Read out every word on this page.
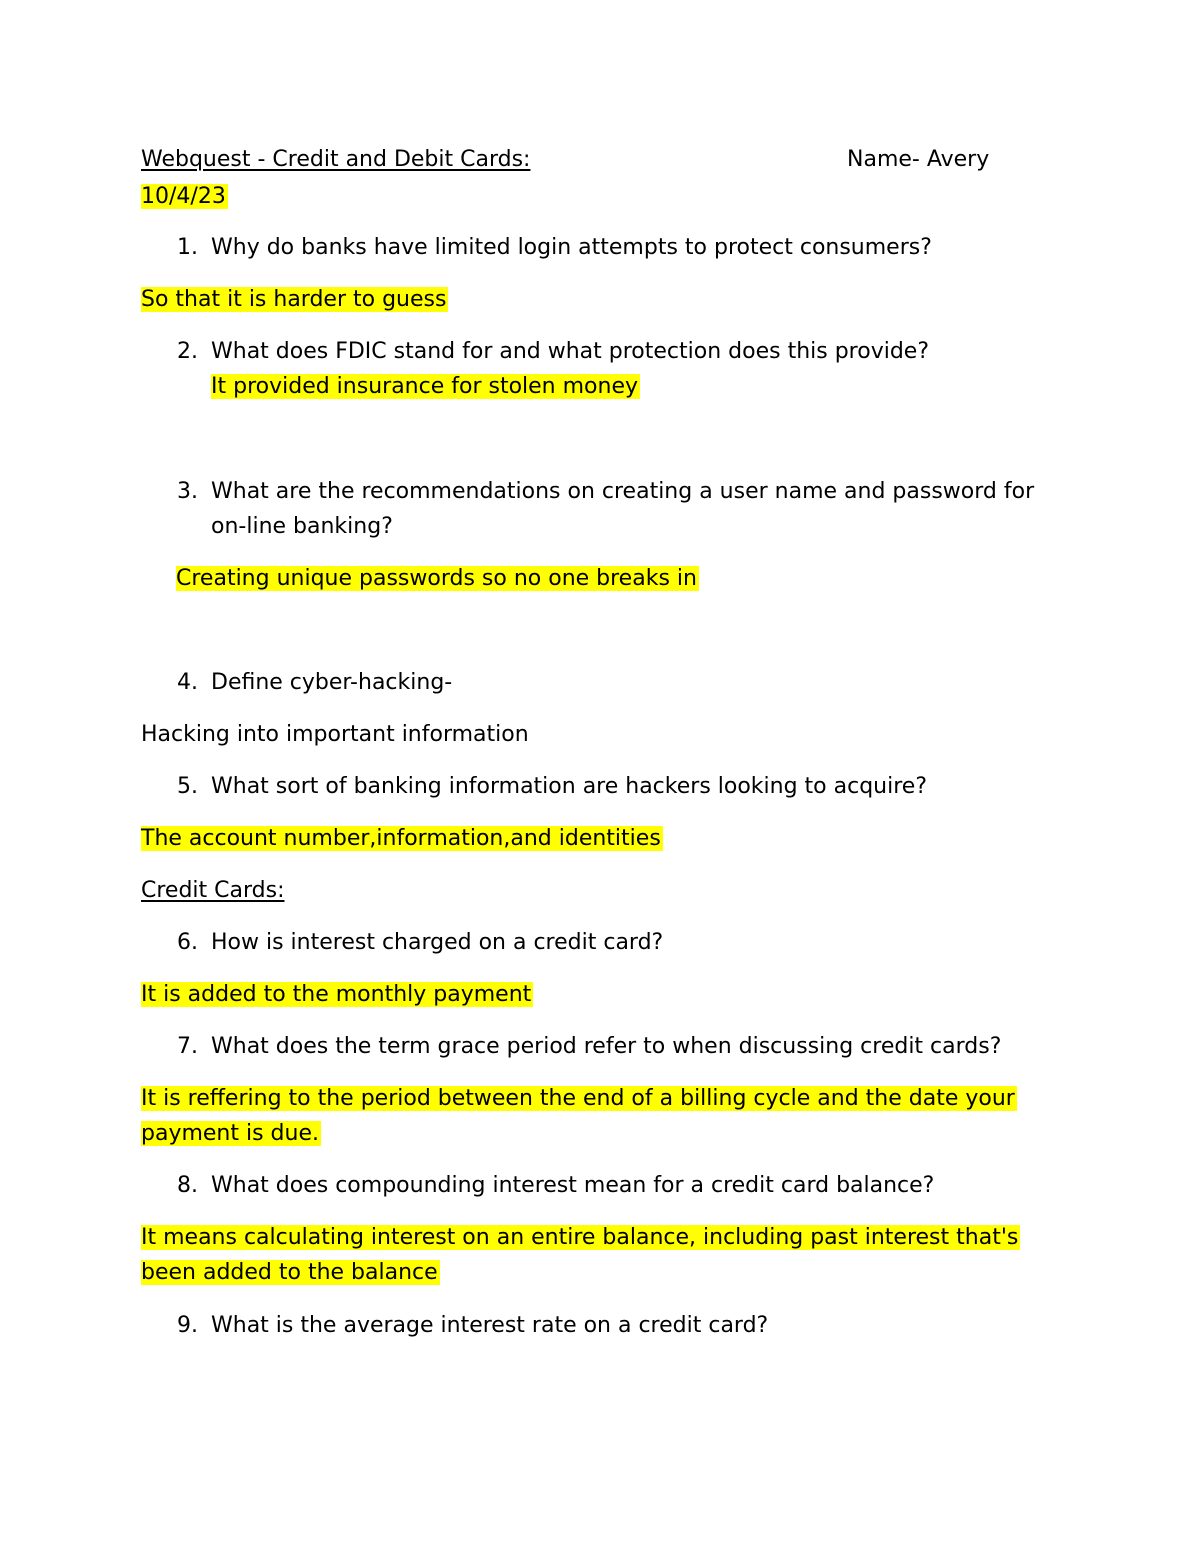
Webquest - Credit and Debit Cards:	Name- Avery
10/4/23
1. Why do banks have limited login attempts to protect consumers?
So that it is harder to guess
2. What does FDIC stand for and what protection does this provide?
It provided insurance for stolen money
3. What are the recommendations on creating a user name and password for
on-line banking?
Creating unique passwords so no one breaks in
4. Define cyber-hacking-
Hacking into important information
5. What sort of banking information are hackers looking to acquire?
The account number,information,and identities
Credit Cards:
6. How is interest charged on a credit card?
It is added to the monthly payment
7. What does the term grace period refer to when discussing credit cards?
It is reffering to the period between the end of a billing cycle and the date your
payment is due.
8. What does compounding interest mean for a credit card balance?
It means calculating interest on an entire balance, including past interest that's
been added to the balance
9. What is the average interest rate on a credit card?
